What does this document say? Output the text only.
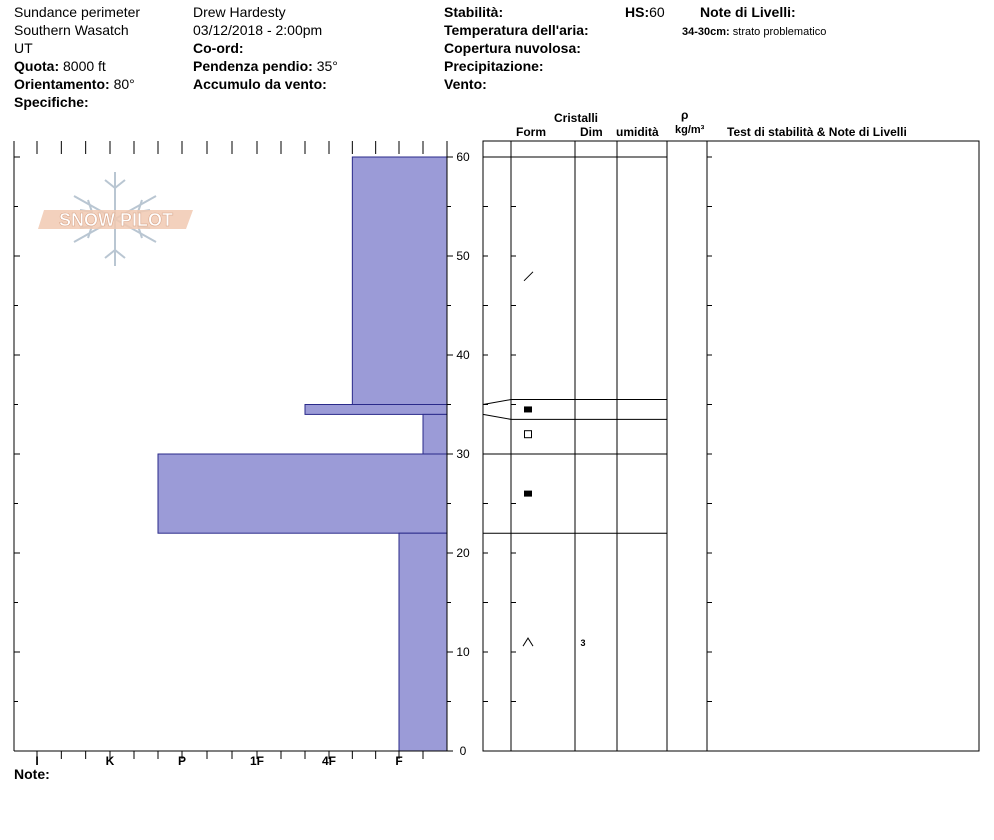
Sundance perimeter
Southern Wasatch
UT
Quota: 8000 ft
Orientamento: 80°
Specifiche:
Drew Hardesty
03/12/2018 - 2:00pm
Co-ord:
Pendenza pendio: 35°
Accumulo da vento:
Stabilità:
Temperatura dell'aria:
Copertura nuvolosa:
Precipitazione:
Vento:
HS:60	Note di Livelli:
34-30cm: strato problematico
Cristalli
Form	Dim umidità
ρ
kg/m³ Test di stabilità & Note di Livelli
Note:
SNOW PILOT
0
10
20
30
40
50
60
I	K	P	1F	4F	F
3
